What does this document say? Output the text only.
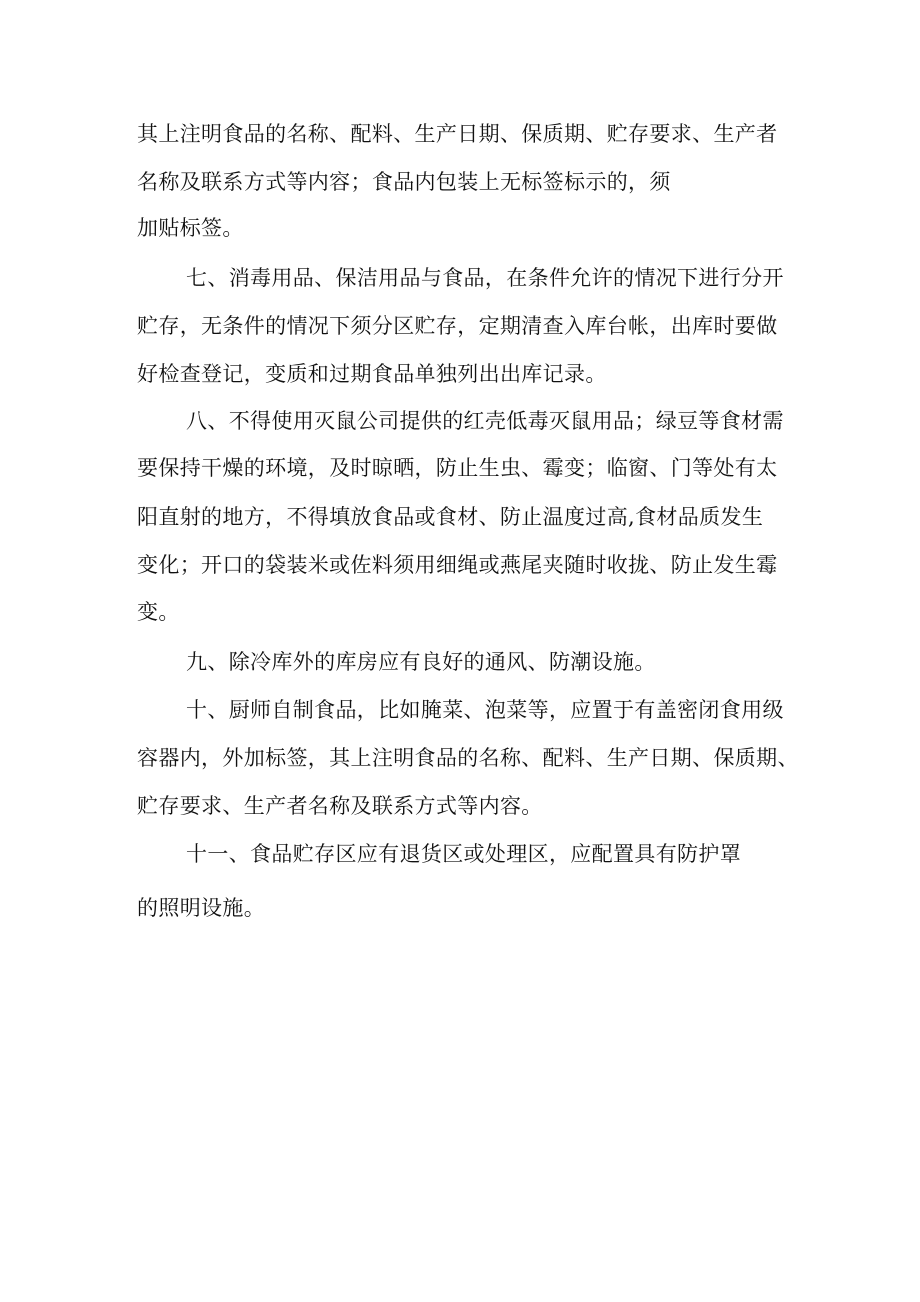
其上注明食品的名称、配料、生产日期、保质期、贮存要求、生产者

名称及联系方式等内容；食品内包装上无标签标示的，须

加贴标签。

七、消毒用品、保洁用品与食品，在条件允许的情况下进行分开

贮存，无条件的情况下须分区贮存，定期清查入库台帐，出库时要做

好检查登记，变质和过期食品单独列出出库记录。

八、不得使用灭鼠公司提供的红壳低毒灭鼠用品；绿豆等食材需

要保持干燥的环境，及时晾晒，防止生虫、霉变；临窗、门等处有太

阳直射的地方，不得填放食品或食材、防止温度过高,食材品质发生

变化；开口的袋装米或佐料须用细绳或燕尾夹随时收拢、防止发生霉

变。

九、除冷库外的库房应有良好的通风、防潮设施。

十、厨师自制食品，比如腌菜、泡菜等，应置于有盖密闭食用级

容器内，外加标签，其上注明食品的名称、配料、生产日期、保质期、

贮存要求、生产者名称及联系方式等内容。

十一、食品贮存区应有退货区或处理区，应配置具有防护罩

的照明设施。
